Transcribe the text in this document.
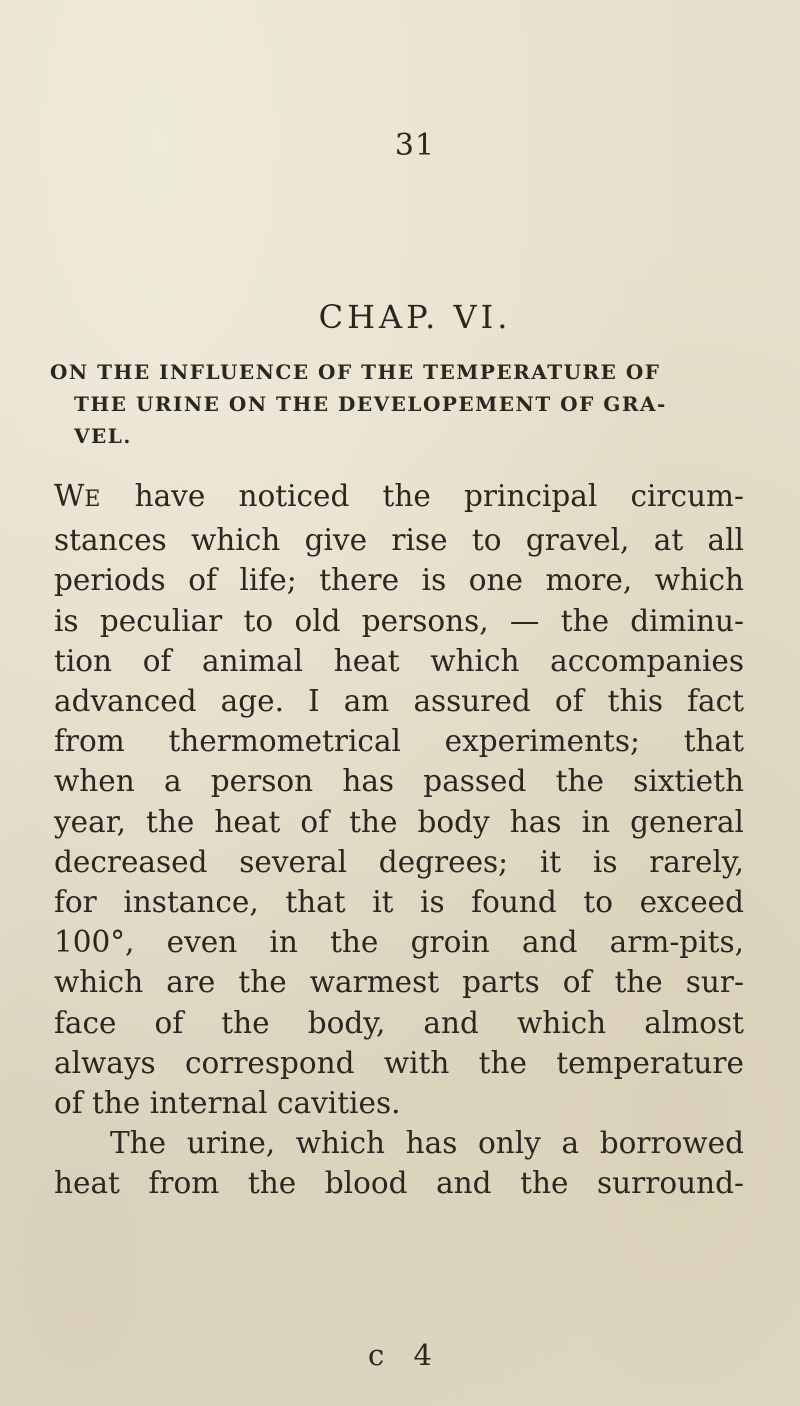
31
CHAP. VI.
ON THE INFLUENCE OF THE TEMPERATURE OF
THE URINE ON THE DEVELOPEMENT OF GRA-
VEL.
WE have noticed the principal circum-
stances which give rise to gravel, at all
periods of life; there is one more, which
is peculiar to old persons, — the diminu-
tion of animal heat which accompanies
advanced age. I am assured of this fact
from thermometrical experiments; that
when a person has passed the sixtieth
year, the heat of the body has in general
decreased several degrees; it is rarely,
for instance, that it is found to exceed
100°, even in the groin and arm-pits,
which are the warmest parts of the sur-
face of the body, and which almost
always correspond with the temperature
of the internal cavities.
The urine, which has only a borrowed
heat from the blood and the surround-
c 4
